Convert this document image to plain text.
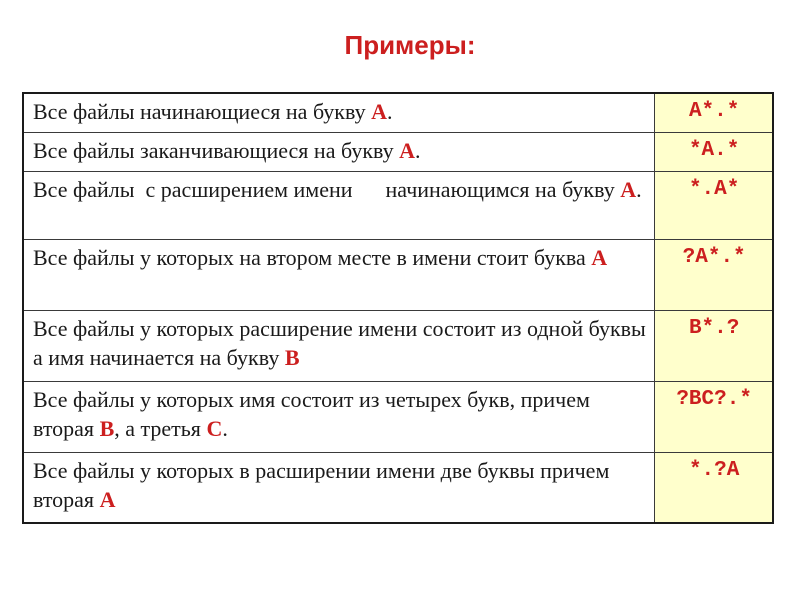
Примеры:
Все файлы начинающиеся на букву А.	A*.*
Все файлы заканчивающиеся на букву А.	*A.*
Все файлы  с расширением имени      начинающимся на букву А.	*.A*
Все файлы у которых на втором месте в имени стоит буква А	?A*.*
Все файлы у которых расширение имени состоит из одной буквы а имя начинается на букву В	B*.?
Все файлы у которых имя состоит из четырех букв, причем вторая В, а третья С.	?BC?.*
Все файлы у которых в расширении имени две буквы причем вторая А	*.?A
